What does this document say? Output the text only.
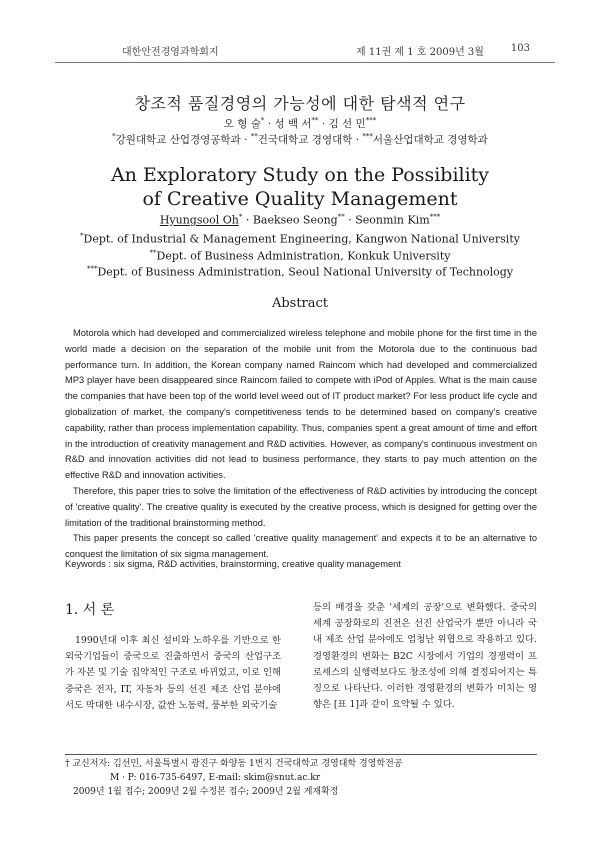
대한안전경영과학회지	제 11권 제 1 호 2009년 3월	103
창조적 품질경영의 가능성에 대한 탐색적 연구
오 형 술* · 성 백 서** · 김 선 민***
*강원대학교 산업경영공학과 · **건국대학교 경영대학 · ***서울산업대학교 경영학과
An Exploratory Study on the Possibility
of Creative Quality Management
Hyungsool Oh* · Baekseo Seong** · Seonmin Kim***
*Dept. of Industrial & Management Engineering, Kangwon National University
**Dept. of Business Administration, Konkuk University
***Dept. of Business Administration, Seoul National University of Technology
Abstract

Motorola which had developed and commercialized wireless telephone and mobile phone for the first time in the world made a decision on the separation of the mobile unit from the Motorola due to the continuous bad performance turn. In addition, the Korean company named Raincom which had developed and commercialized MP3 player have been disappeared since Raincom failed to compete with iPod of Apples. What is the main cause the companies that have been top of the world level weed out of IT product market? For less product life cycle and globalization of market, the company's competitiveness tends to be determined based on company's creative capability, rather than process implementation capability. Thus, companies spent a great amount of time and effort in the introduction of creativity management and R&D activities. However, as company's continuous investment on R&D and innovation activities did not lead to business performance, they starts to pay much attention on the effective R&D and innovation activities.

Therefore, this paper tries to solve the limitation of the effectiveness of R&D activities by introducing the concept of 'creative quality'. The creative quality is executed by the creative process, which is designed for getting over the limitation of the traditional brainstorming method.

This paper presents the concept so called 'creative quality management' and expects it to be an alternative to conquest the limitation of six sigma management.

Keywords : six sigma, R&D activities, brainstorming, creative quality management
1. 서 론

1990년대 이후 최신 설비와 노하우를 기반으로 한 외국기업들이 중국으로 진출하면서 중국의 산업구조가 자본 및 기술 집약적인 구조로 바뀌었고, 이로 인해 중국은 전자, IT, 자동차 등의 선진 제조 산업 분야에서도 막대한 내수시장, 값싼 노동력, 풍부한 외국기술

등의 배경을 갖춘 '세계의 공장'으로 변화했다. 중국의 세계 공장화로의 진전은 선진 산업국가 뿐만 아니라 국내 제조 산업 분야에도 엄청난 위협으로 작용하고 있다. 경영환경의 변화는 B2C 시장에서 기업의 경쟁력이 프로세스의 실행력보다도 창조성에 의해 결정되어지는 특징으로 나타난다. 이러한 경영환경의 변화가 미치는 영향은 [표 1]과 같이 요약될 수 있다.

† 교신저자: 김선민, 서울특별시 광진구 화양동 1번지 건국대학교 경영대학 경영학전공
M · P: 016-735-6497, E-mail: skim@snut.ac.kr
2009년 1월 접수; 2009년 2월 수정본 접수; 2009년 2월 게재확정
